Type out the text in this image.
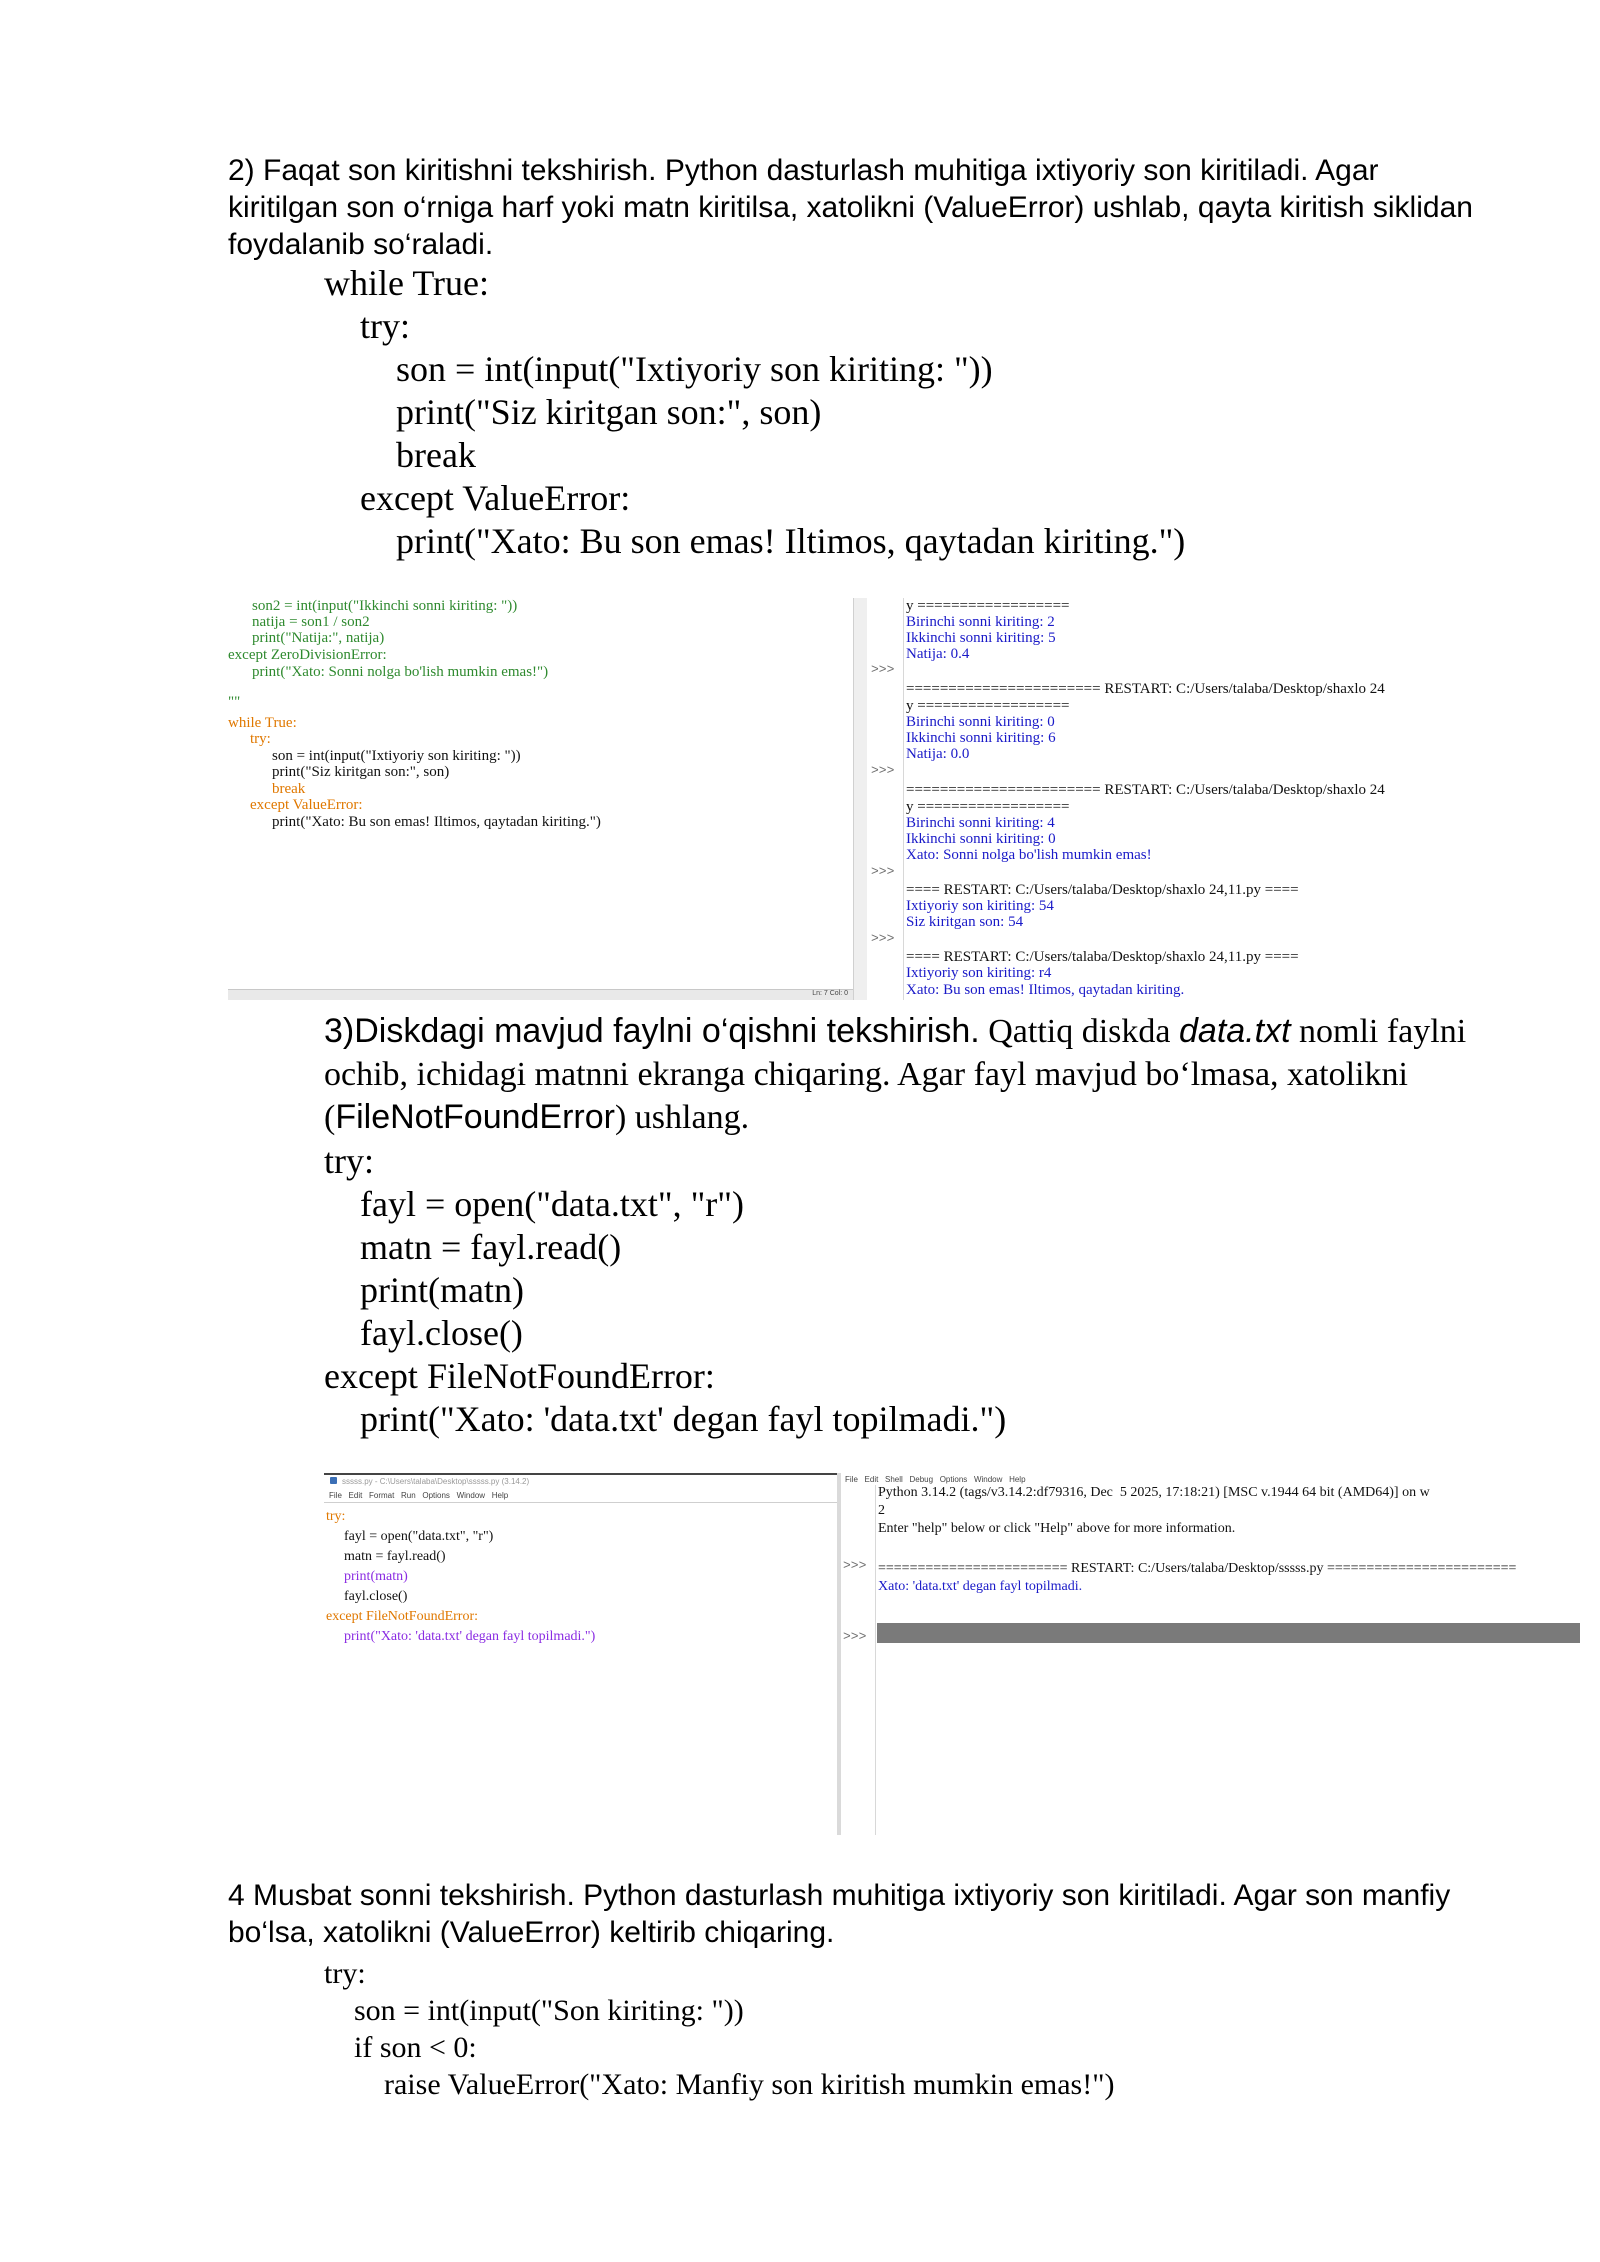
2) Faqat son kiritishni tekshirish. Python dasturlash muhitiga ixtiyoriy son kiritiladi. Agar kiritilgan son o‘rniga harf yoki matn kiritilsa, xatolikni (ValueError) ushlab, qayta kiritish siklidan foydalanib so‘raladi.
while True:
try:
son = int(input("Ixtiyoriy son kiriting: "))
print("Siz kiritgan son:", son)
break
except ValueError:
print("Xato: Bu son emas! Iltimos, qaytadan kiriting.")
son2 = int(input("Ikkinchi sonni kiriting: "))
natija = son1 / son2
print("Natija:", natija)
except ZeroDivisionError:
print("Xato: Sonni nolga bo'lish mumkin emas!")
""
while True:
try:
son = int(input("Ixtiyoriy son kiriting: "))
print("Siz kiritgan son:", son)
break
except ValueError:
print("Xato: Bu son emas! Iltimos, qaytadan kiriting.")
Ln: 7 Col: 0
>>>
>>>
>>>
>>>
y ==================
Birinchi sonni kiriting: 2
Ikkinchi sonni kiriting: 5
Natija: 0.4
======================= RESTART: C:/Users/talaba/Desktop/shaxlo 24
y ==================
Birinchi sonni kiriting: 0
Ikkinchi sonni kiriting: 6
Natija: 0.0
======================= RESTART: C:/Users/talaba/Desktop/shaxlo 24
y ==================
Birinchi sonni kiriting: 4
Ikkinchi sonni kiriting: 0
Xato: Sonni nolga bo'lish mumkin emas!
==== RESTART: C:/Users/talaba/Desktop/shaxlo 24,11.py ====
Ixtiyoriy son kiriting: 54
Siz kiritgan son: 54
==== RESTART: C:/Users/talaba/Desktop/shaxlo 24,11.py ====
Ixtiyoriy son kiriting: r4
Xato: Bu son emas! Iltimos, qaytadan kiriting.
3)Diskdagi mavjud faylni o‘qishni tekshirish. Qattiq diskda data.txt nomli faylni ochib, ichidagi matnni ekranga chiqaring. Agar fayl mavjud bo‘lmasa, xatolikni (FileNotFoundError) ushlang.
try:
fayl = open("data.txt", "r")
matn = fayl.read()
print(matn)
fayl.close()
except FileNotFoundError:
print("Xato: 'data.txt' degan fayl topilmadi.")
sssss.py - C:\Users\talaba\Desktop\sssss.py (3.14.2)
File   Edit   Format   Run   Options   Window   Help
try:
fayl = open("data.txt", "r")
matn = fayl.read()
print(matn)
fayl.close()
except FileNotFoundError:
print("Xato: 'data.txt' degan fayl topilmadi.")
File   Edit   Shell   Debug   Options   Window   Help
>>>
>>>
Python 3.14.2 (tags/v3.14.2:df79316, Dec  5 2025, 17:18:21) [MSC v.1944 64 bit (AMD64)] on w
2
Enter "help" below or click "Help" above for more information.
======================== RESTART: C:/Users/talaba/Desktop/sssss.py ========================
Xato: 'data.txt' degan fayl topilmadi.
4 Musbat sonni tekshirish. Python dasturlash muhitiga ixtiyoriy son kiritiladi. Agar son manfiy bo‘lsa, xatolikni (ValueError) keltirib chiqaring.
try:
son = int(input("Son kiriting: "))
if son < 0:
raise ValueError("Xato: Manfiy son kiritish mumkin emas!")
